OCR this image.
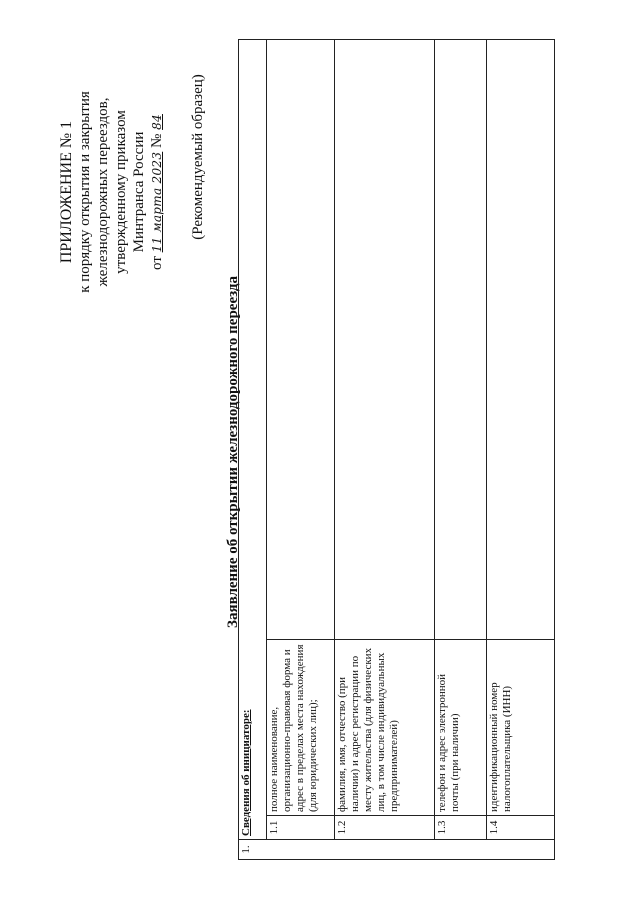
ПРИЛОЖЕНИЕ № 1 к порядку открытия и закрытия железнодорожных переездов, утвержденному приказом Минтранса России
от 11 марта 2023 № 84 (Рекомендуемый образец)
Заявление об открытии железнодорожного переезда
1.	Сведения об инициаторе:		
	1.1	полное наименование, организационно-правовая форма и адрес в пределах места нахождения (для юридических лиц);	
	1.2	фамилия, имя, отчество (при наличии) и адрес регистрации по месту жительства (для физических лиц, в том числе индивидуальных предпринимателей)	
	1.3	телефон и адрес электронной почты (при наличии)	
	1.4	идентификационный номер налогоплательщика (ИНН)	
